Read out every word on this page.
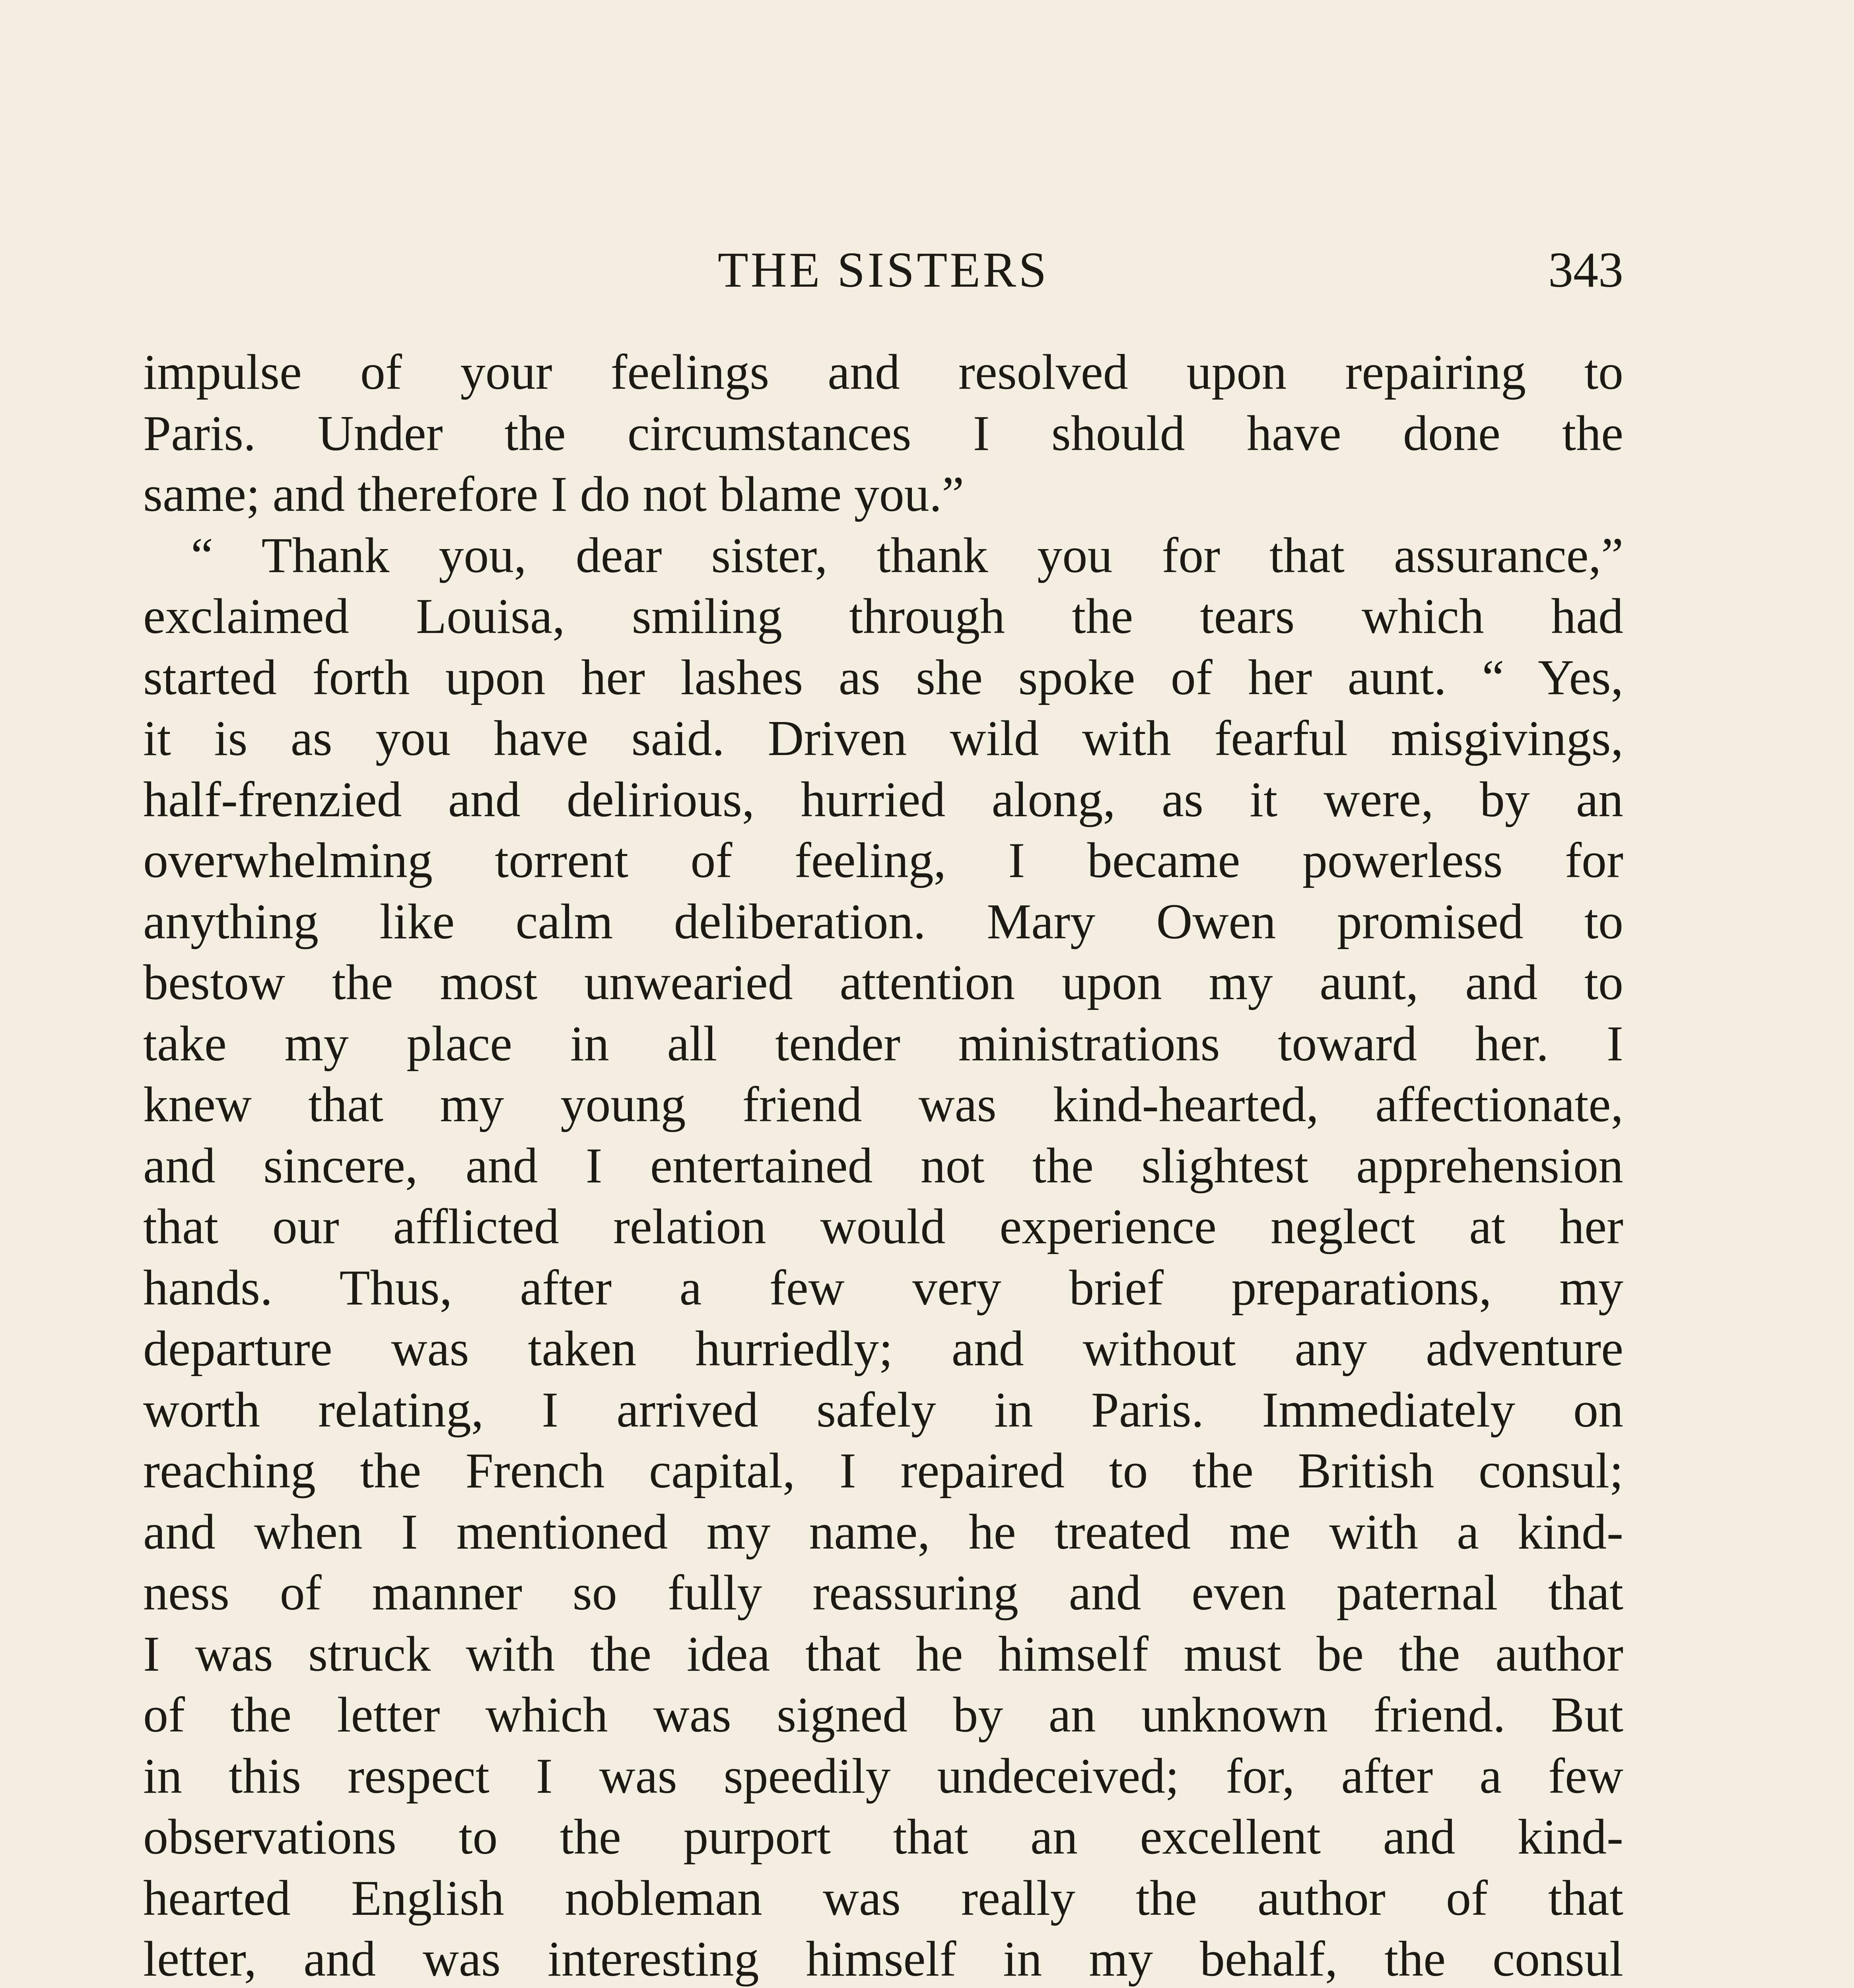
THE SISTERS	343
impulse of your feelings and resolved upon repairing to
Paris. Under the circumstances I should have done the
same; and therefore I do not blame you.”
“ Thank you, dear sister, thank you for that assurance,”
exclaimed Louisa, smiling through the tears which had
started forth upon her lashes as she spoke of her aunt. “ Yes,
it is as you have said. Driven wild with fearful misgivings,
half-frenzied and delirious, hurried along, as it were, by an
overwhelming torrent of feeling, I became powerless for
anything like calm deliberation. Mary Owen promised to
bestow the most unwearied attention upon my aunt, and to
take my place in all tender ministrations toward her. I
knew that my young friend was kind-hearted, affectionate,
and sincere, and I entertained not the slightest apprehension
that our afflicted relation would experience neglect at her
hands. Thus, after a few very brief preparations, my
departure was taken hurriedly; and without any adventure
worth relating, I arrived safely in Paris. Immediately on
reaching the French capital, I repaired to the British consul;
and when I mentioned my name, he treated me with a kind-
ness of manner so fully reassuring and even paternal that
I was struck with the idea that he himself must be the author
of the letter which was signed by an unknown friend. But
in this respect I was speedily undeceived; for, after a few
observations to the purport that an excellent and kind-
hearted English nobleman was really the author of that
letter, and was interesting himself in my behalf, the consul
